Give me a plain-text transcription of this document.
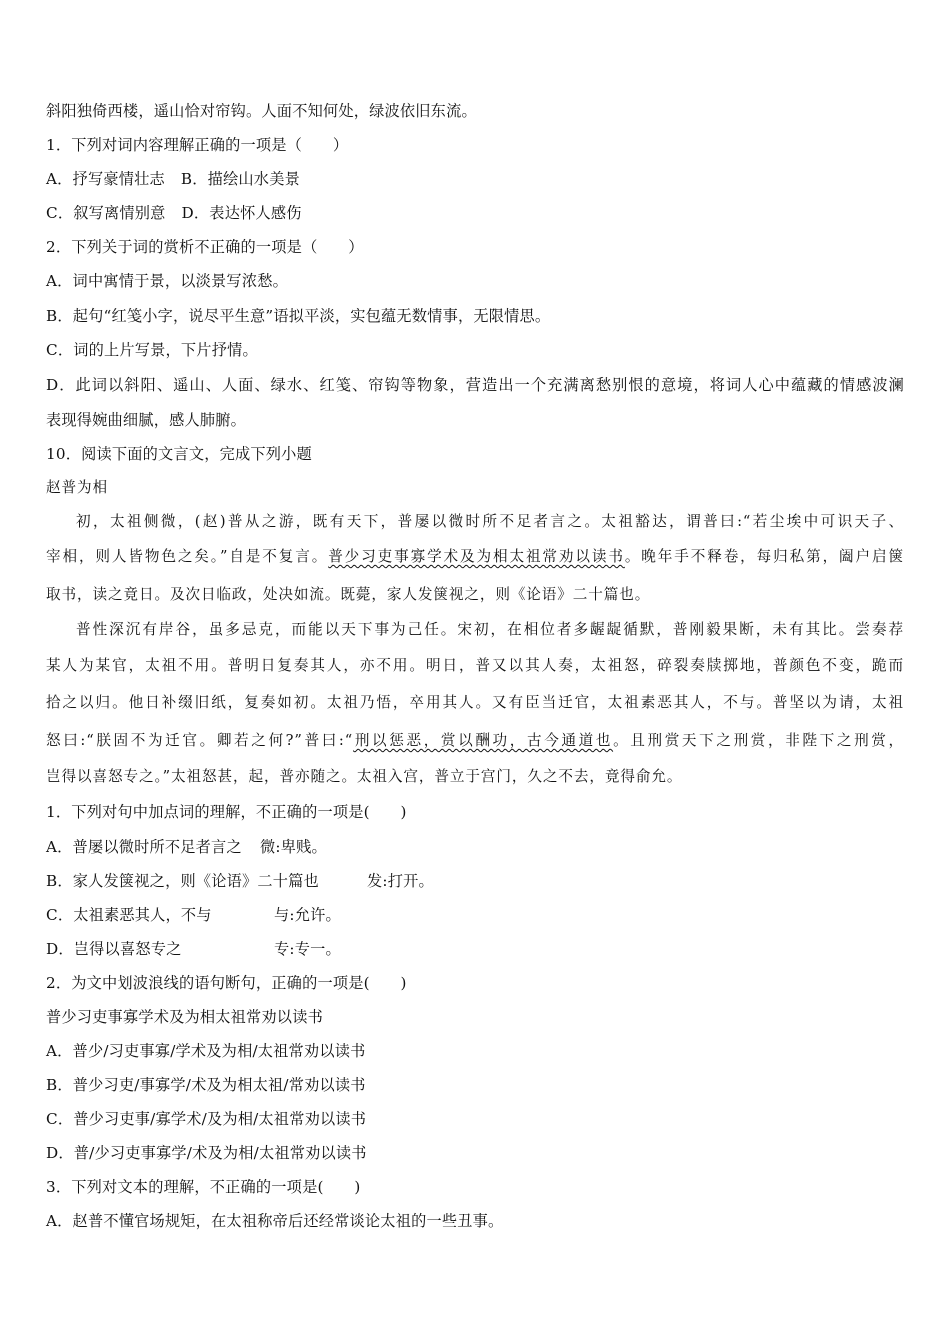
斜阳独倚西楼，遥山恰对帘钩。人面不知何处，绿波依旧东流。
1．下列对词内容理解正确的一项是（　　）
A．抒写豪情壮志 B．描绘山水美景
C．叙写离情别意 D．表达怀人感伤
2．下列关于词的赏析不正确的一项是（　　）
A．词中寓情于景，以淡景写浓愁。
B．起句“红笺小字，说尽平生意”语拟平淡，实包蕴无数情事，无限情思。
C．词的上片写景，下片抒情。
D．此词以斜阳、遥山、人面、绿水、红笺、帘钩等物象，营造出一个充满离愁别恨的意境，将词人心中蕴藏的情感波澜
表现得婉曲细腻，感人肺腑。
10．阅读下面的文言文，完成下列小题
赵普为相
初，太祖侧微，(赵)普从之游，既有天下，普屡以微时所不足者言之。太祖豁达，谓普曰:“若尘埃中可识天子、
宰相，则人皆物色之矣。”自是不复言。普少习吏事寡学术及为相太祖常劝以读书。晚年手不释卷，每归私第，阖户启箧
取书，读之竟日。及次日临政，处决如流。既薨，家人发箧视之，则《论语》二十篇也。
普性深沉有岸谷，虽多忌克，而能以天下事为己任。宋初，在相位者多龌龊循默，普刚毅果断，未有其比。尝奏荐
某人为某官，太祖不用。普明日复奏其人，亦不用。明日，普又以其人奏，太祖怒，碎裂奏牍掷地，普颜色不变，跪而
拾之以归。他日补缀旧纸，复奏如初。太祖乃悟，卒用其人。又有臣当迁官，太祖素恶其人，不与。普坚以为请，太祖
怒曰:“朕固不为迁官。卿若之何?”普曰:“刑以惩恶，赏以酬功，古今通道也。且刑赏天下之刑赏，非陛下之刑赏，
岂得以喜怒专之。”太祖怒甚，起，普亦随之。太祖入宫，普立于宫门，久之不去，竟得俞允。
1．下列对句中加点词的理解，不正确的一项是(　　)
A．普屡以微时所不足者言之 微:卑贱。
B．家人发箧视之，则《论语》二十篇也	发:打开。
C．太祖素恶其人，不与	与:允许。
D．岂得以喜怒专之	专:专一。
2．为文中划波浪线的语句断句，正确的一项是(　　)
普少习吏事寡学术及为相太祖常劝以读书
A．普少/习吏事寡/学术及为相/太祖常劝以读书
B．普少习吏/事寡学/术及为相太祖/常劝以读书
C．普少习吏事/寡学术/及为相/太祖常劝以读书
D．普/少习吏事寡学/术及为相/太祖常劝以读书
3．下列对文本的理解，不正确的一项是(　　)
A．赵普不懂官场规矩，在太祖称帝后还经常谈论太祖的一些丑事。
